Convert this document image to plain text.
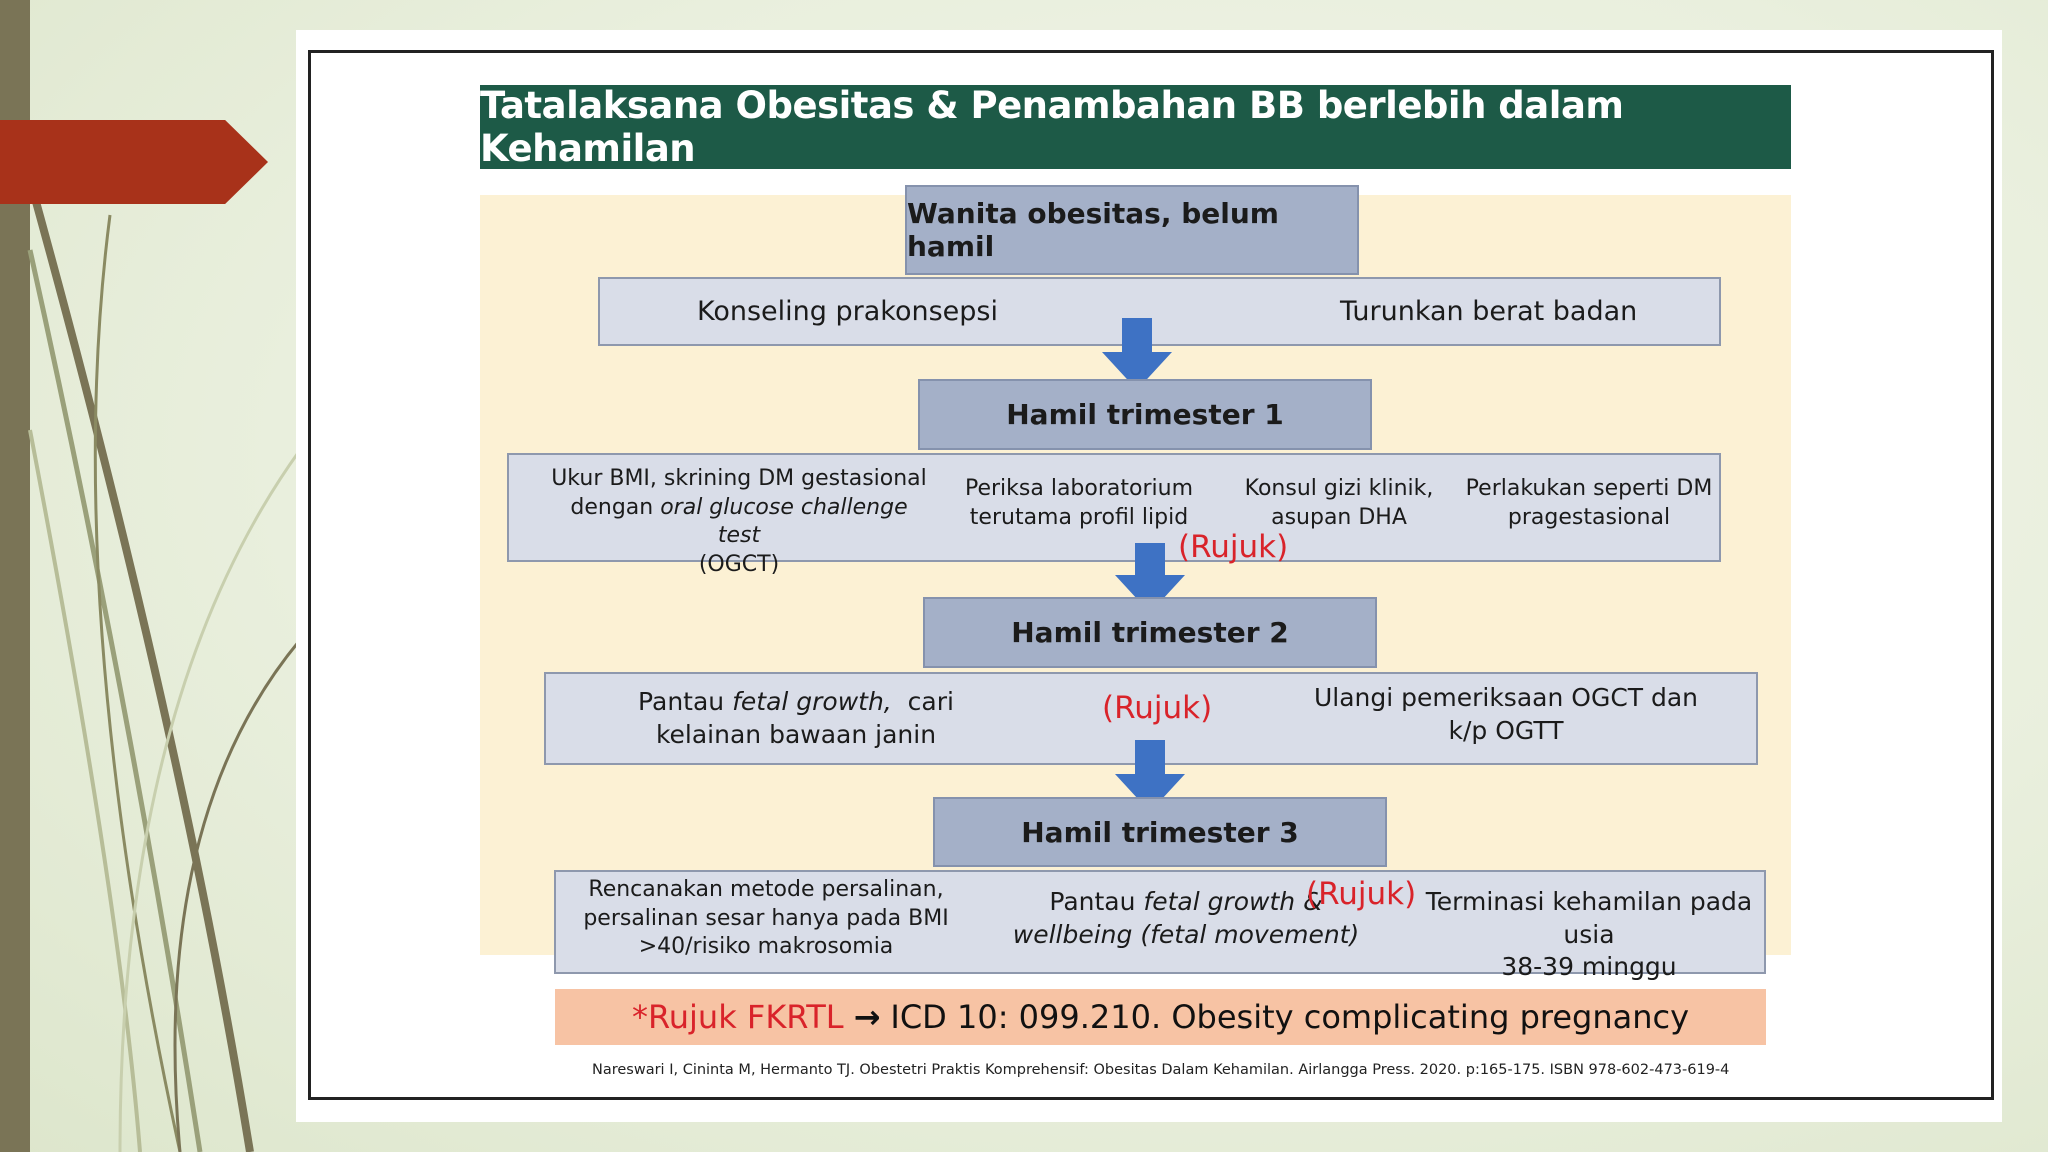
Tatalaksana Obesitas & Penambahan BB berlebih dalam Kehamilan
Wanita obesitas, belum hamil
Konseling prakonsepsi	Turunkan berat badan
Hamil trimester 1
Ukur BMI, skrining DM gestasional
dengan oral glucose challenge test
(OGCT)
Periksa laboratorium
terutama profil lipid
Konsul gizi klinik,
asupan DHA
Perlakukan seperti DM
pragestasional
(Rujuk)
Hamil trimester 2
Pantau fetal growth,  cari
kelainan bawaan janin
Ulangi pemeriksaan OGCT dan
k/p OGTT
(Rujuk)
Hamil trimester 3
Rencanakan metode persalinan,
persalinan sesar hanya pada BMI
>40/risiko makrosomia
Pantau fetal growth &
wellbeing (fetal movement)
Terminasi kehamilan pada usia
38-39 minggu
(Rujuk)
*Rujuk FKRTL → ICD 10: 099.210. Obesity complicating pregnancy
Nareswari I, Cininta M, Hermanto TJ. Obestetri Praktis Komprehensif: Obesitas Dalam Kehamilan. Airlangga Press. 2020. p:165-175. ISBN 978-602-473-619-4
